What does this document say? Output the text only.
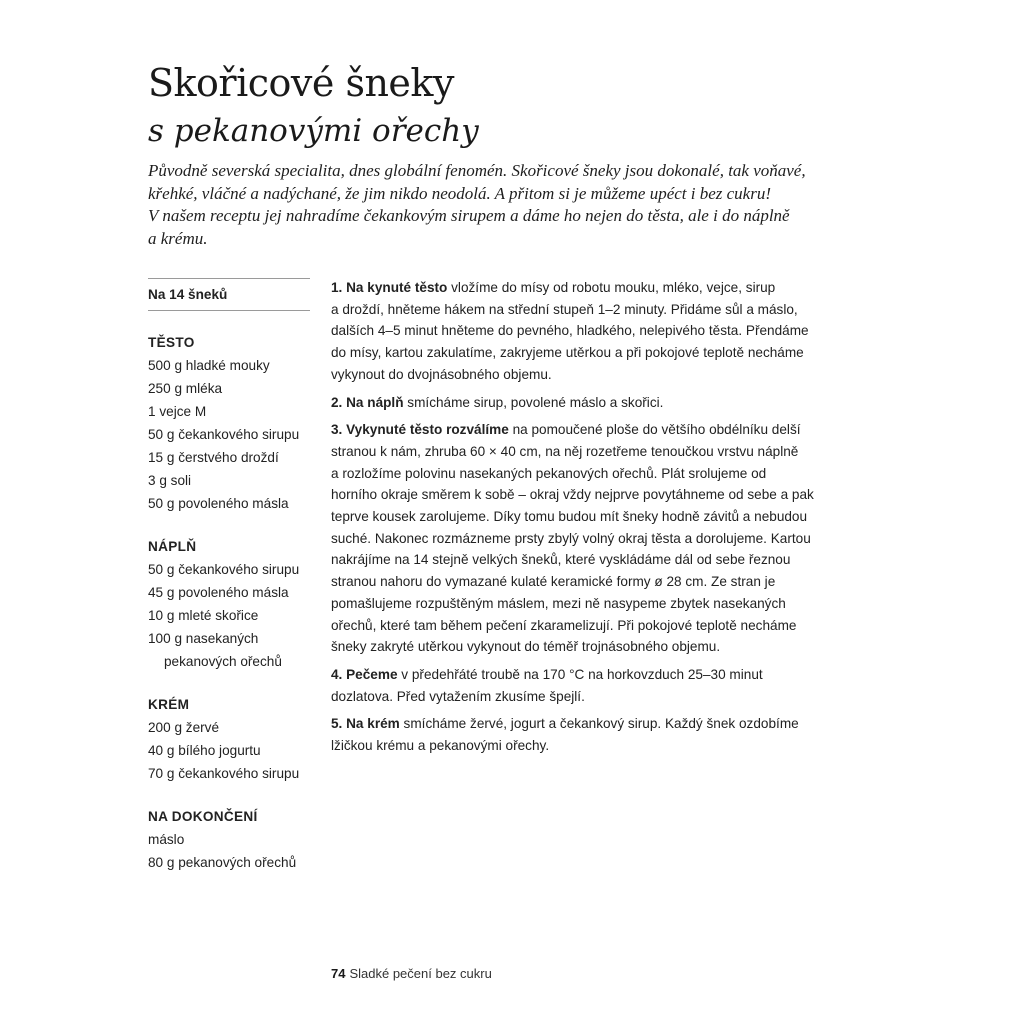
Skořicové šneky
s pekanovými ořechy

Původně severská specialita, dnes globální fenomén. Skořicové šneky jsou dokonalé, tak voňavé,
křehké, vláčné a nadýchané, že jim nikdo neodolá. A přitom si je můžeme upéct i bez cukru!
V našem receptu jej nahradíme čekankovým sirupem a dáme ho nejen do těsta, ale i do náplně
a krému.

Na 14 šneků

TĚSTO
500 g hladké mouky
250 g mléka
1 vejce M
50 g čekankového sirupu
15 g čerstvého droždí
3 g soli
50 g povoleného másla
NÁPLŇ
50 g čekankového sirupu
45 g povoleného másla
10 g mleté skořice
100 g nasekaných
pekanových ořechů
KRÉM
200 g žervé
40 g bílého jogurtu
70 g čekankového sirupu
NA DOKONČENÍ
máslo
80 g pekanových ořechů

1. Na kynuté těsto vložíme do mísy od robotu mouku, mléko, vejce, sirup
a droždí, hněteme hákem na střední stupeň 1–2 minuty. Přidáme sůl a máslo,
dalších 4–5 minut hněteme do pevného, hladkého, nelepivého těsta. Přendáme
do mísy, kartou zakulatíme, zakryjeme utěrkou a při pokojové teplotě necháme
vykynout do dvojnásobného objemu.

2. Na náplň smícháme sirup, povolené máslo a skořici.

3. Vykynuté těsto rozválíme na pomoučené ploše do většího obdélníku delší
stranou k nám, zhruba 60 × 40 cm, na něj rozetřeme tenoučkou vrstvu náplně
a rozložíme polovinu nasekaných pekanových ořechů. Plát srolujeme od
horního okraje směrem k sobě – okraj vždy nejprve povytáhneme od sebe a pak
teprve kousek zarolujeme. Díky tomu budou mít šneky hodně závitů a nebudou
suché. Nakonec rozmázneme prsty zbylý volný okraj těsta a dorolujeme. Kartou
nakrájíme na 14 stejně velkých šneků, které vyskládáme dál od sebe řeznou
stranou nahoru do vymazané kulaté keramické formy ø 28 cm. Ze stran je
pomašlujeme rozpuštěným máslem, mezi ně nasypeme zbytek nasekaných
ořechů, které tam během pečení zkaramelizují. Při pokojové teplotě necháme
šneky zakryté utěrkou vykynout do téměř trojnásobného objemu.

4. Pečeme v předehřáté troubě na 170 °C na horkovzduch 25–30 minut
dozlatova. Před vytažením zkusíme špejlí.

5. Na krém smícháme žervé, jogurt a čekankový sirup. Každý šnek ozdobíme
lžičkou krému a pekanovými ořechy.

74 Sladké pečení bez cukru
